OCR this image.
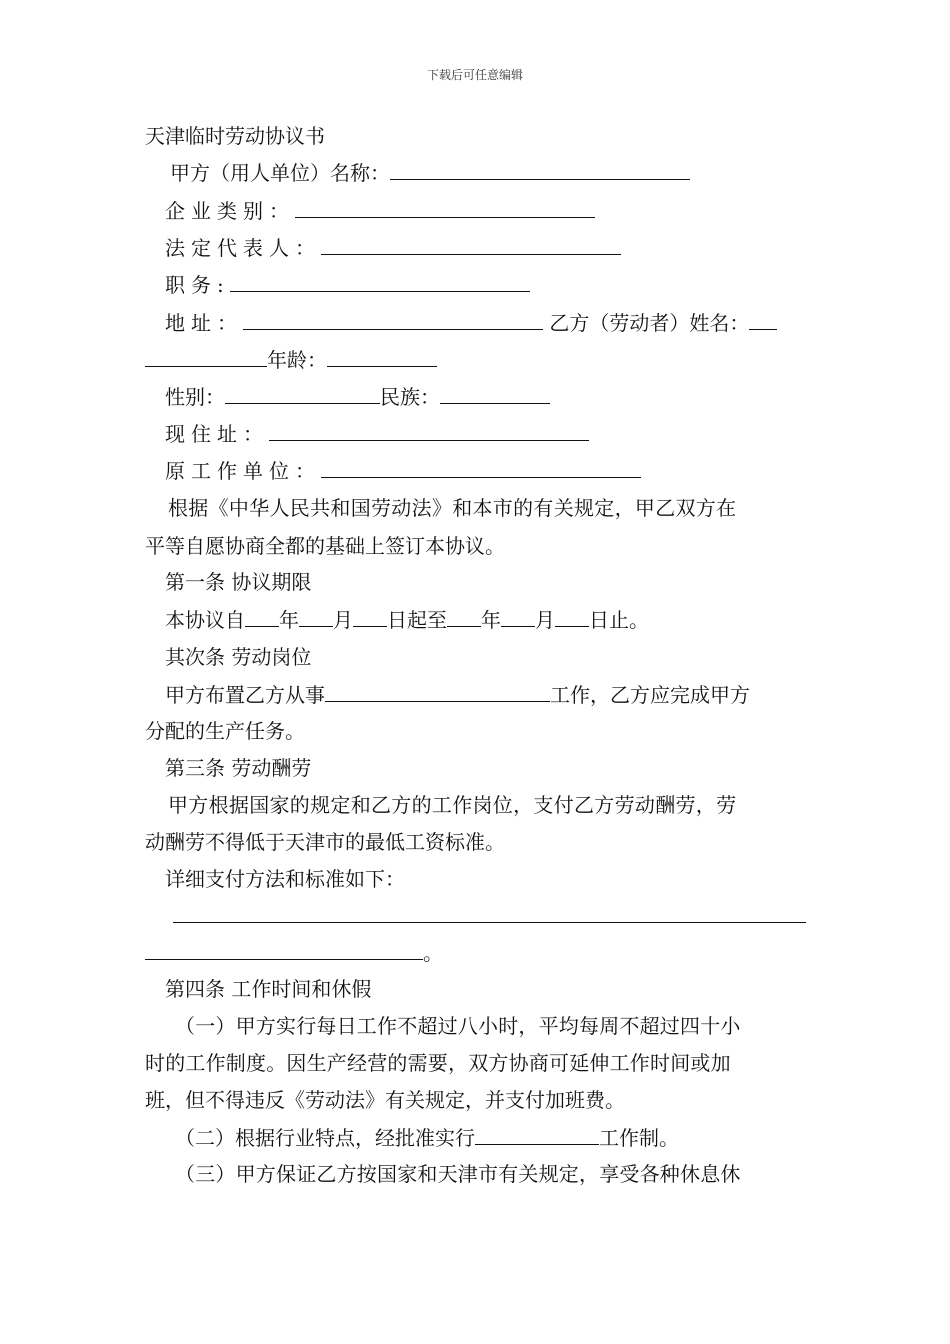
下载后可任意编辑
天津临时劳动协议书
甲方（用人单位）名称：
企业类别：
法定代表人：
职务:
地址：	乙方（劳动者）姓名：
年龄：
性别：	民族：
现住址：
原工作单位：
根据《中华人民共和国劳动法》和本市的有关规定，甲乙双方在
平等自愿协商全都的基础上签订本协议。
第一条 协议期限
本协议自 年 月 日起至 年 月 日止。
其次条 劳动岗位
甲方布置乙方从事	工作，乙方应完成甲方
分配的生产任务。
第三条 劳动酬劳
甲方根据国家的规定和乙方的工作岗位，支付乙方劳动酬劳，劳
动酬劳不得低于天津市的最低工资标准。
详细支付方法和标准如下：
。
第四条 工作时间和休假
（一）甲方实行每日工作不超过八小时，平均每周不超过四十小
时的工作制度。因生产经营的需要，双方协商可延伸工作时间或加
班，但不得违反《劳动法》有关规定，并支付加班费。
（二）根据行业特点，经批准实行	工作制。
（三）甲方保证乙方按国家和天津市有关规定，享受各种休息休
